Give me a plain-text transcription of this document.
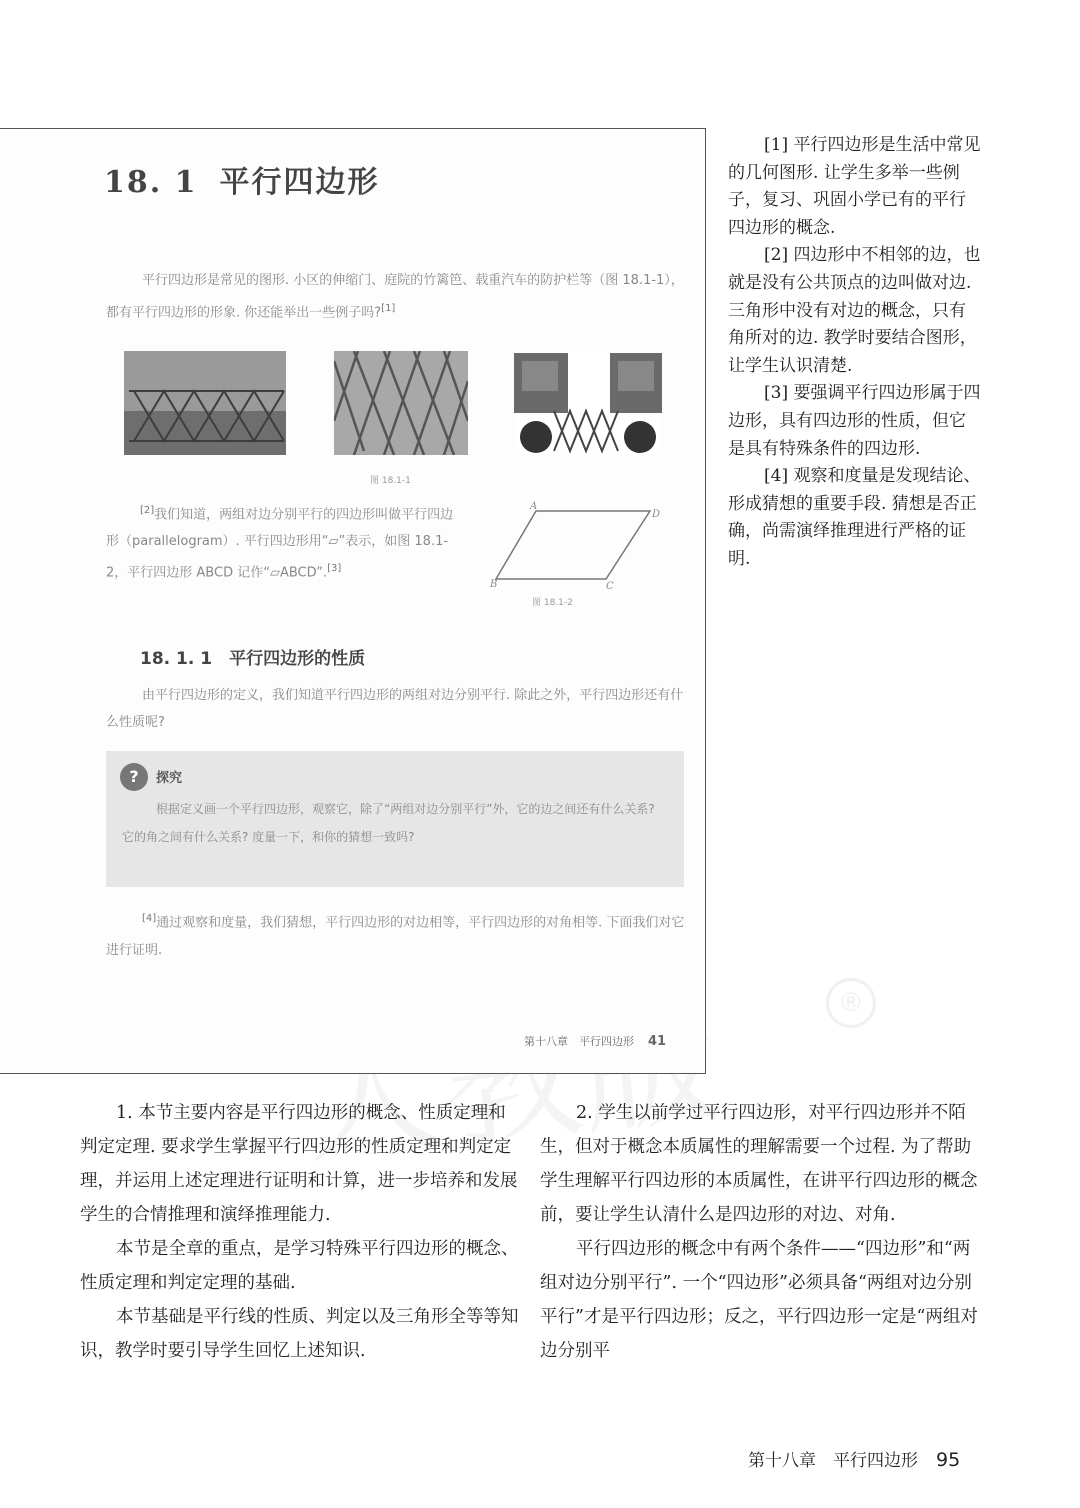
®
18. 1 平行四边形
平行四边形是常见的图形. 小区的伸缩门、庭院的竹篱笆、载重汽车的防护栏等（图 18.1-1），都有平行四边形的形象. 你还能举出一些例子吗?[1]
图 18.1-1
[2]我们知道，两组对边分别平行的四边形叫做平行四边形（parallelogram）. 平行四边形用“▱”表示，如图 18.1-2，平行四边形 ABCD 记作“▱ABCD”.[3]
A
D
B	C
图 18.1-2
18. 1. 1　平行四边形的性质
由平行四边形的定义，我们知道平行四边形的两组对边分别平行. 除此之外，平行四边形还有什么性质呢?
?	探究
根据定义画一个平行四边形，观察它，除了“两组对边分别平行”外，它的边之间还有什么关系? 它的角之间有什么关系? 度量一下，和你的猜想一致吗?
[4]通过观察和度量，我们猜想，平行四边形的对边相等，平行四边形的对角相等. 下面我们对它进行证明.
第十八章　平行四边形 41
[1] 平行四边形是生活中常见的几何图形. 让学生多举一些例子，复习、巩固小学已有的平行四边形的概念.
[2] 四边形中不相邻的边，也就是没有公共顶点的边叫做对边. 三角形中没有对边的概念，只有角所对的边. 教学时要结合图形，让学生认识清楚.
[3] 要强调平行四边形属于四边形，具有四边形的性质，但它是具有特殊条件的四边形.
[4] 观察和度量是发现结论、形成猜想的重要手段. 猜想是否正确，尚需演绎推理进行严格的证明.
1. 本节主要内容是平行四边形的概念、性质定理和判定定理. 要求学生掌握平行四边形的性质定理和判定定理，并运用上述定理进行证明和计算，进一步培养和发展学生的合情推理和演绎推理能力.
本节是全章的重点，是学习特殊平行四边形的概念、性质定理和判定定理的基础.
本节基础是平行线的性质、判定以及三角形全等等知识，教学时要引导学生回忆上述知识.
2. 学生以前学过平行四边形，对平行四边形并不陌生，但对于概念本质属性的理解需要一个过程. 为了帮助学生理解平行四边形的本质属性，在讲平行四边形的概念前，要让学生认清什么是四边形的对边、对角.
平行四边形的概念中有两个条件——“四边形”和“两组对边分别平行”. 一个“四边形”必须具备“两组对边分别平行”才是平行四边形；反之，平行四边形一定是“两组对边分别平
第十八章　平行四边形 95
